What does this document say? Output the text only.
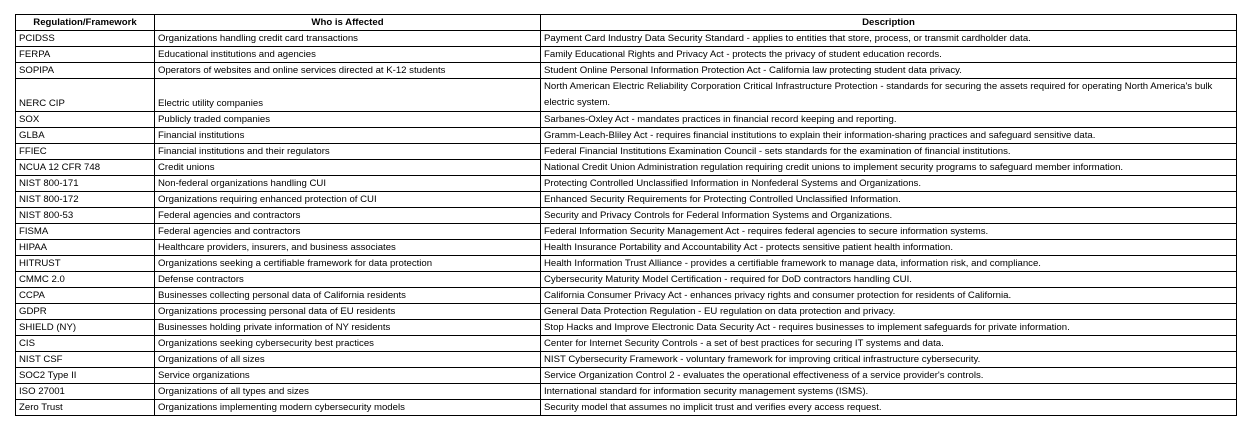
Regulation/Framework	Who is Affected	Description
PCIDSS	Organizations handling credit card transactions	Payment Card Industry Data Security Standard - applies to entities that store, process, or transmit cardholder data.
FERPA	Educational institutions and agencies	Family Educational Rights and Privacy Act - protects the privacy of student education records.
SOPIPA	Operators of websites and online services directed at K-12 students	Student Online Personal Information Protection Act - California law protecting student data privacy.
NERC CIP	Electric utility companies	North American Electric Reliability Corporation Critical Infrastructure Protection - standards for securing the assets required for operating North America's bulk electric system.
SOX	Publicly traded companies	Sarbanes-Oxley Act - mandates practices in financial record keeping and reporting.
GLBA	Financial institutions	Gramm-Leach-Bliley Act - requires financial institutions to explain their information-sharing practices and safeguard sensitive data.
FFIEC	Financial institutions and their regulators	Federal Financial Institutions Examination Council - sets standards for the examination of financial institutions.
NCUA 12 CFR 748	Credit unions	National Credit Union Administration regulation requiring credit unions to implement security programs to safeguard member information.
NIST 800-171	Non-federal organizations handling CUI	Protecting Controlled Unclassified Information in Nonfederal Systems and Organizations.
NIST 800-172	Organizations requiring enhanced protection of CUI	Enhanced Security Requirements for Protecting Controlled Unclassified Information.
NIST 800-53	Federal agencies and contractors	Security and Privacy Controls for Federal Information Systems and Organizations.
FISMA	Federal agencies and contractors	Federal Information Security Management Act - requires federal agencies to secure information systems.
HIPAA	Healthcare providers, insurers, and business associates	Health Insurance Portability and Accountability Act - protects sensitive patient health information.
HITRUST	Organizations seeking a certifiable framework for data protection	Health Information Trust Alliance - provides a certifiable framework to manage data, information risk, and compliance.
CMMC 2.0	Defense contractors	Cybersecurity Maturity Model Certification - required for DoD contractors handling CUI.
CCPA	Businesses collecting personal data of California residents	California Consumer Privacy Act - enhances privacy rights and consumer protection for residents of California.
GDPR	Organizations processing personal data of EU residents	General Data Protection Regulation - EU regulation on data protection and privacy.
SHIELD (NY)	Businesses holding private information of NY residents	Stop Hacks and Improve Electronic Data Security Act - requires businesses to implement safeguards for private information.
CIS	Organizations seeking cybersecurity best practices	Center for Internet Security Controls - a set of best practices for securing IT systems and data.
NIST CSF	Organizations of all sizes	NIST Cybersecurity Framework - voluntary framework for improving critical infrastructure cybersecurity.
SOC2 Type II	Service organizations	Service Organization Control 2 - evaluates the operational effectiveness of a service provider's controls.
ISO 27001	Organizations of all types and sizes	International standard for information security management systems (ISMS).
Zero Trust	Organizations implementing modern cybersecurity models	Security model that assumes no implicit trust and verifies every access request.
